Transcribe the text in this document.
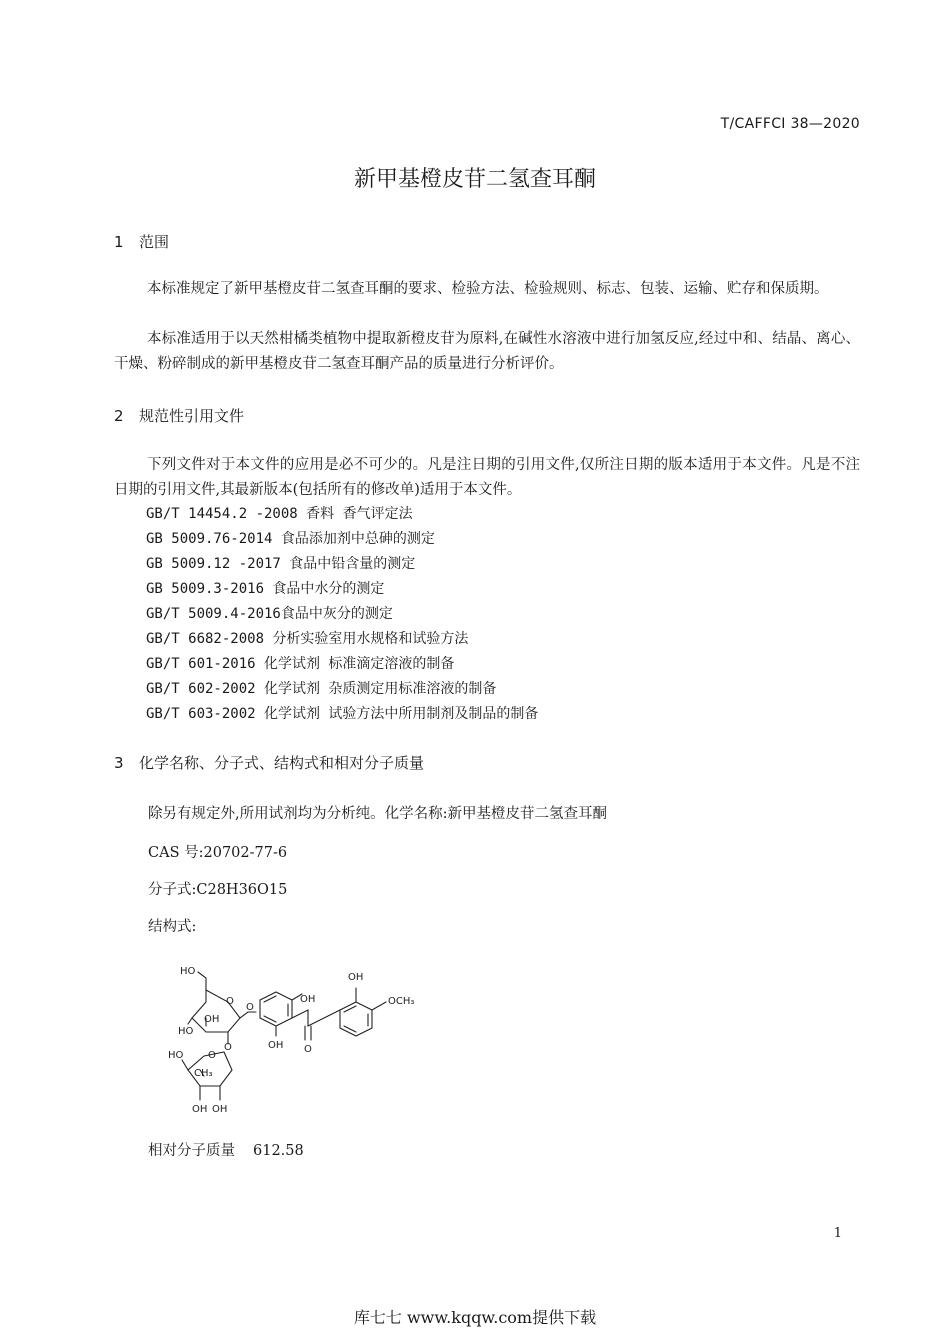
T/CAFFCI 38—2020
新甲基橙皮苷二氢查耳酮
1 范围
本标准规定了新甲基橙皮苷二氢查耳酮的要求、检验方法、检验规则、标志、包装、运输、贮存和保质期。
本标准适用于以天然柑橘类植物中提取新橙皮苷为原料,在碱性水溶液中进行加氢反应,经过中和、结晶、离心、干燥、粉碎制成的新甲基橙皮苷二氢查耳酮产品的质量进行分析评价。
2 规范性引用文件
下列文件对于本文件的应用是必不可少的。凡是注日期的引用文件,仅所注日期的版本适用于本文件。凡是不注日期的引用文件,其最新版本(包括所有的修改单)适用于本文件。
GB/T 14454.2 -2008 香料 香气评定法
GB 5009.76-2014 食品添加剂中总砷的测定
GB 5009.12 -2017 食品中铅含量的测定
GB 5009.3-2016 食品中水分的测定
GB/T 5009.4-2016食品中灰分的测定
GB/T 6682-2008 分析实验室用水规格和试验方法
GB/T 601-2016 化学试剂 标准滴定溶液的制备
GB/T 602-2002 化学试剂 杂质测定用标准溶液的制备
GB/T 603-2002 化学试剂 试验方法中所用制剂及制品的制备
3 化学名称、分子式、结构式和相对分子质量
除另有规定外,所用试剂均为分析纯。化学名称:新甲基橙皮苷二氢查耳酮
CAS 号:20702-77-6
分子式:C28H36O15
结构式:
HO
OH
HO
O
O
O
O
HO
CH₃
OH OH
OH
OH O
OH
OCH₃
相对分子质量 612.58
1
库七七 www.kqqw.com提供下载
